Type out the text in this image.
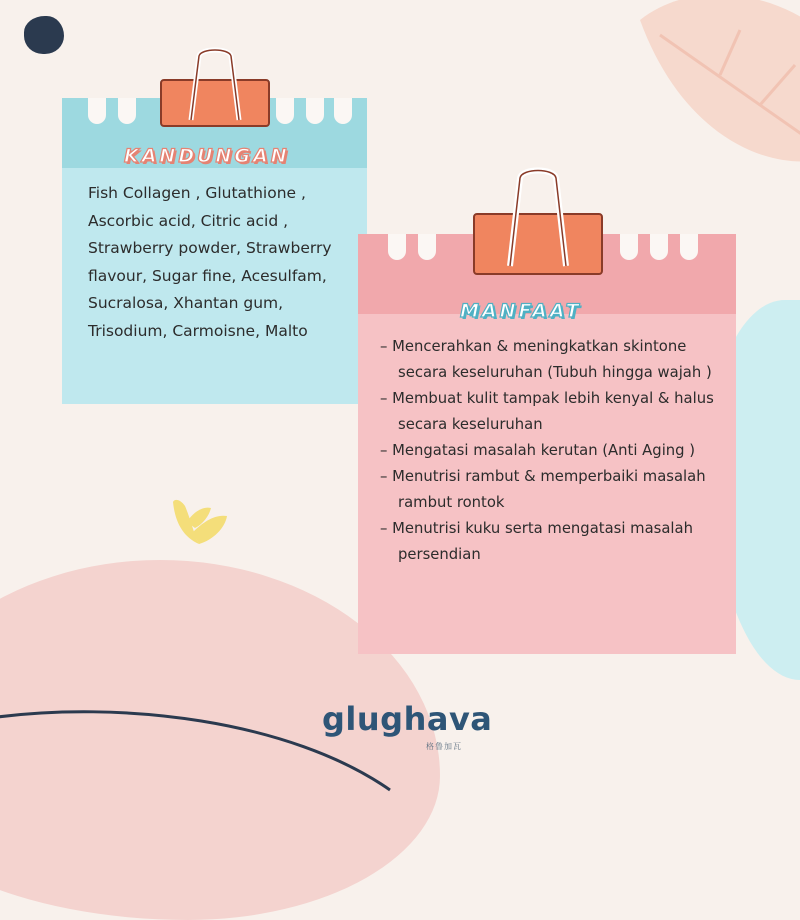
KANDUNGAN

Fish Collagen , Glutathione , Ascorbic acid, Citric acid , Strawberry powder, Strawberry flavour, Sugar fine, Acesulfam, Sucralosa, Xhantan gum, Trisodium, Carmoisne, Malto

MANFAAT
– Mencerahkan & meningkatkan skintone secara keseluruhan (Tubuh hingga wajah )
– Membuat kulit tampak lebih kenyal & halus secara keseluruhan
– Mengatasi masalah kerutan (Anti Aging )
– Menutrisi rambut & memperbaiki masalah rambut rontok
– Menutrisi kuku serta mengatasi masalah persendian
glughava
格鲁加瓦
